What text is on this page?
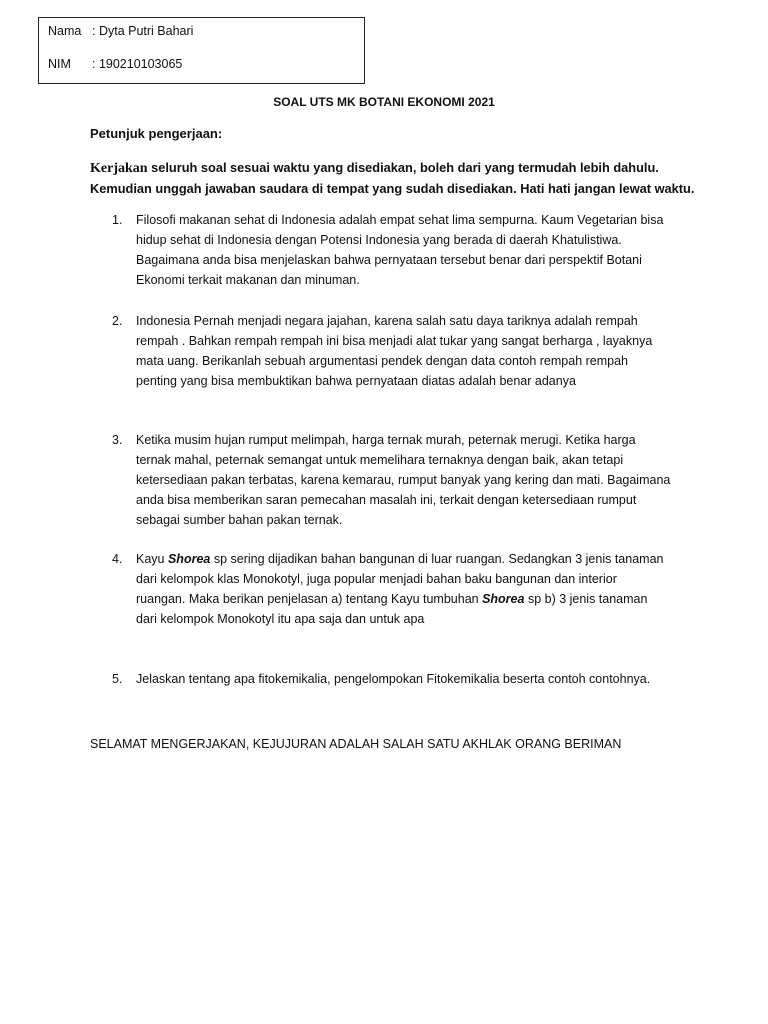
Nama : Dyta Putri Bahari
NIM : 190210103065
SOAL UTS MK BOTANI EKONOMI 2021
Petunjuk pengerjaan:
Kerjakan seluruh soal sesuai waktu yang disediakan, boleh dari yang termudah lebih dahulu.
Kemudian unggah jawaban saudara di tempat yang sudah disediakan. Hati hati jangan lewat waktu.
1.	Filosofi makanan sehat di Indonesia adalah empat sehat lima sempurna. Kaum Vegetarian bisa

hidup sehat di Indonesia dengan Potensi Indonesia yang berada di daerah Khatulistiwa.

Bagaimana anda bisa menjelaskan bahwa pernyataan tersebut benar dari perspektif Botani

Ekonomi terkait makanan dan minuman.

2.	Indonesia Pernah menjadi negara jajahan, karena salah satu daya tariknya adalah rempah

rempah . Bahkan rempah rempah ini bisa menjadi alat tukar yang sangat berharga , layaknya

mata uang. Berikanlah sebuah argumentasi pendek dengan data contoh rempah rempah

penting yang bisa membuktikan bahwa pernyataan diatas adalah benar adanya

3.	Ketika musim hujan rumput melimpah, harga ternak murah, peternak merugi. Ketika harga

ternak mahal, peternak semangat untuk memelihara ternaknya dengan baik, akan tetapi

ketersediaan pakan terbatas, karena kemarau, rumput banyak yang kering dan mati. Bagaimana

anda bisa memberikan saran pemecahan masalah ini, terkait dengan ketersediaan rumput

sebagai sumber bahan pakan ternak.

4.	Kayu Shorea sp sering dijadikan bahan bangunan di luar ruangan. Sedangkan 3 jenis tanaman

dari kelompok klas Monokotyl, juga popular menjadi bahan baku bangunan dan interior

ruangan. Maka berikan penjelasan a) tentang Kayu tumbuhan Shorea sp b) 3 jenis tanaman

dari kelompok Monokotyl itu apa saja dan untuk apa

5.	Jelaskan tentang apa fitokemikalia, pengelompokan Fitokemikalia beserta contoh contohnya.

SELAMAT MENGERJAKAN, KEJUJURAN ADALAH SALAH SATU AKHLAK ORANG BERIMAN
